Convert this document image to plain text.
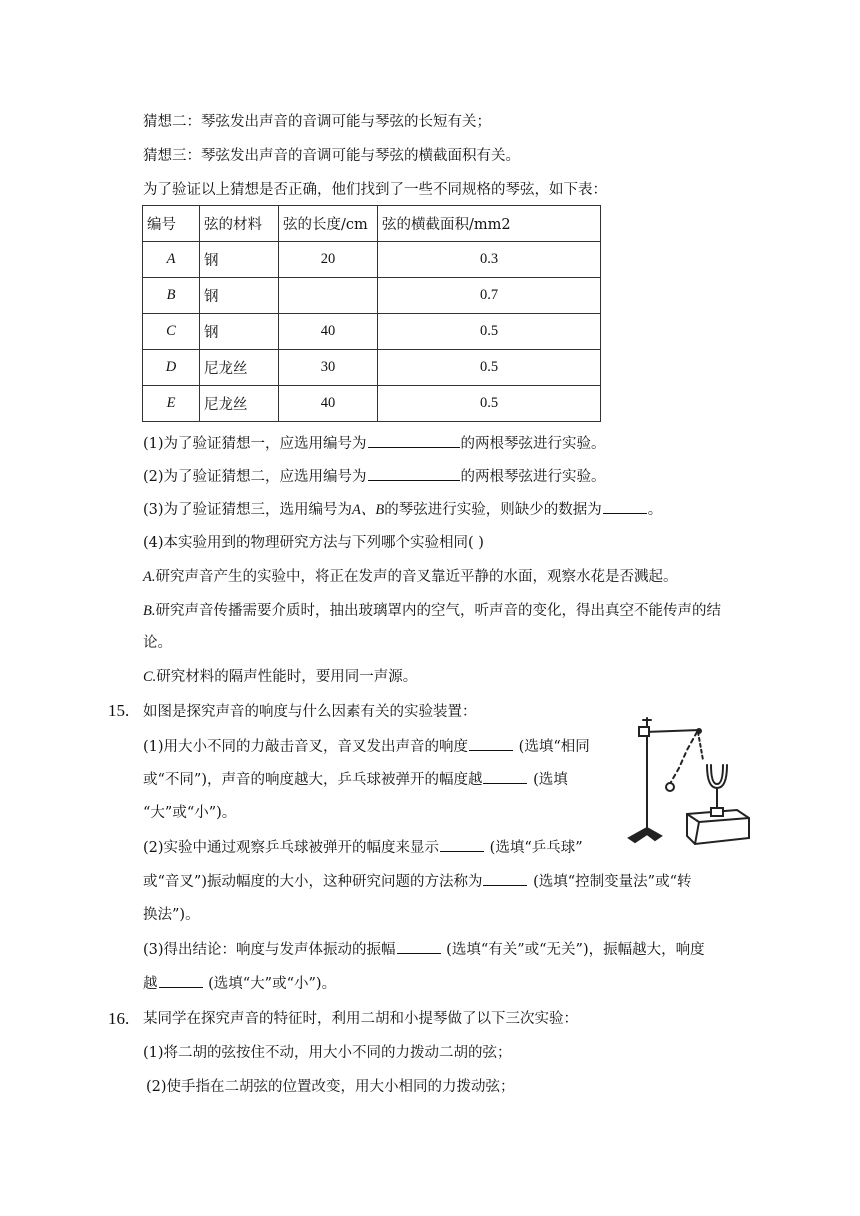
猜想二：琴弦发出声音的音调可能与琴弦的长短有关；
猜想三：琴弦发出声音的音调可能与琴弦的横截面积有关。
为了验证以上猜想是否正确，他们找到了一些不同规格的琴弦，如下表：
编号	弦的材料	弦的长度/cm	弦的横截面积/mm2
A	钢	20	0.3
B	钢		0.7
C	钢	40	0.5
D	尼龙丝	30	0.5
E	尼龙丝	40	0.5
(1)为了验证猜想一，应选用编号为	的两根琴弦进行实验。
(2)为了验证猜想二，应选用编号为	的两根琴弦进行实验。
(3)为了验证猜想三，选用编号为A、B的琴弦进行实验，则缺少的数据为	。
(4)本实验用到的物理研究方法与下列哪个实验相同( )
A.研究声音产生的实验中，将正在发声的音叉靠近平静的水面，观察水花是否溅起。
B.研究声音传播需要介质时，抽出玻璃罩内的空气，听声音的变化，得出真空不能传声的结
论。
C.研究材料的隔声性能时，要用同一声源。
15. 如图是探究声音的响度与什么因素有关的实验装置：
(1)用大小不同的力敲击音叉，音叉发出声音的响度	(选填“相同
或“不同”)，声音的响度越大，乒乓球被弹开的幅度越	(选填
“大”或“小”)。
(2)实验中通过观察乒乓球被弹开的幅度来显示	(选填“乒乓球”
或“音叉”)振动幅度的大小，这种研究问题的方法称为	(选填“控制变量法”或“转
换法”)。
(3)得出结论：响度与发声体振动的振幅	(选填“有关”或“无关”)，振幅越大，响度
越	(选填“大”或“小”)。
16. 某同学在探究声音的特征时，利用二胡和小提琴做了以下三次实验：
(1)将二胡的弦按住不动，用大小不同的力拨动二胡的弦；
(2)使手指在二胡弦的位置改变，用大小相同的力拨动弦；
